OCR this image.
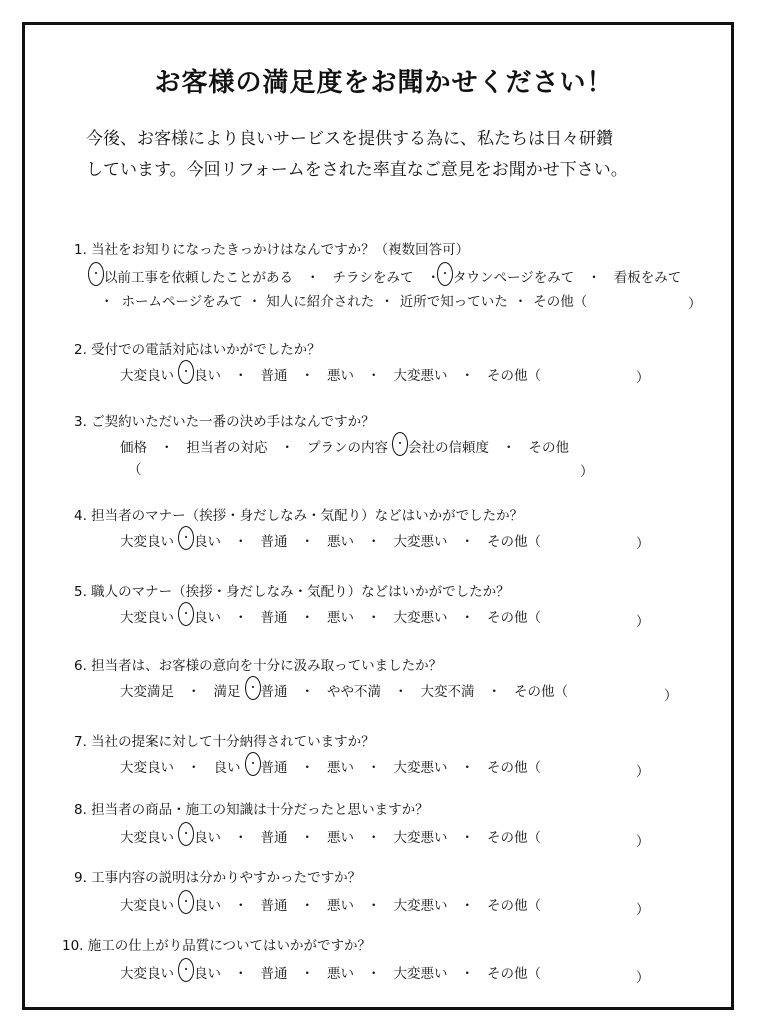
お客様の満足度をお聞かせください！
今後、お客様により良いサービスを提供する為に、私たちは日々研鑽
しています。今回リフォームをされた率直なご意見をお聞かせ下さい。
1. 当社をお知りになったきっかけはなんですか？（複数回答可）
以前工事を依頼したことがある ・ チラシをみて ・ タウンページをみて ・ 看板をみて
・ ホームページをみて ・ 知人に紹介された ・ 近所で知っていた ・ その他（	）
2. 受付での電話対応はいかがでしたか？
大変良い 良い ・ 普通 ・ 悪い ・ 大変悪い ・ その他（	）
3. ご契約いただいた一番の決め手はなんですか？
価格 ・ 担当者の対応 ・ プランの内容 会社の信頼度 ・ その他
（	）
4. 担当者のマナー（挨拶・身だしなみ・気配り）などはいかがでしたか？
大変良い 良い ・ 普通 ・ 悪い ・ 大変悪い ・ その他（	）
5. 職人のマナー（挨拶・身だしなみ・気配り）などはいかがでしたか？
大変良い 良い ・ 普通 ・ 悪い ・ 大変悪い ・ その他（	）
6. 担当者は、お客様の意向を十分に汲み取っていましたか？
大変満足 ・ 満足 普通 ・ やや不満 ・ 大変不満 ・ その他（	）
7. 当社の提案に対して十分納得されていますか？
大変良い ・ 良い 普通 ・ 悪い ・ 大変悪い ・ その他（	）
8. 担当者の商品・施工の知識は十分だったと思いますか？
大変良い 良い ・ 普通 ・ 悪い ・ 大変悪い ・ その他（	）
9. 工事内容の説明は分かりやすかったですか？
大変良い 良い ・ 普通 ・ 悪い ・ 大変悪い ・ その他（	）
10. 施工の仕上がり品質についてはいかがですか？
大変良い 良い ・ 普通 ・ 悪い ・ 大変悪い ・ その他（	）
